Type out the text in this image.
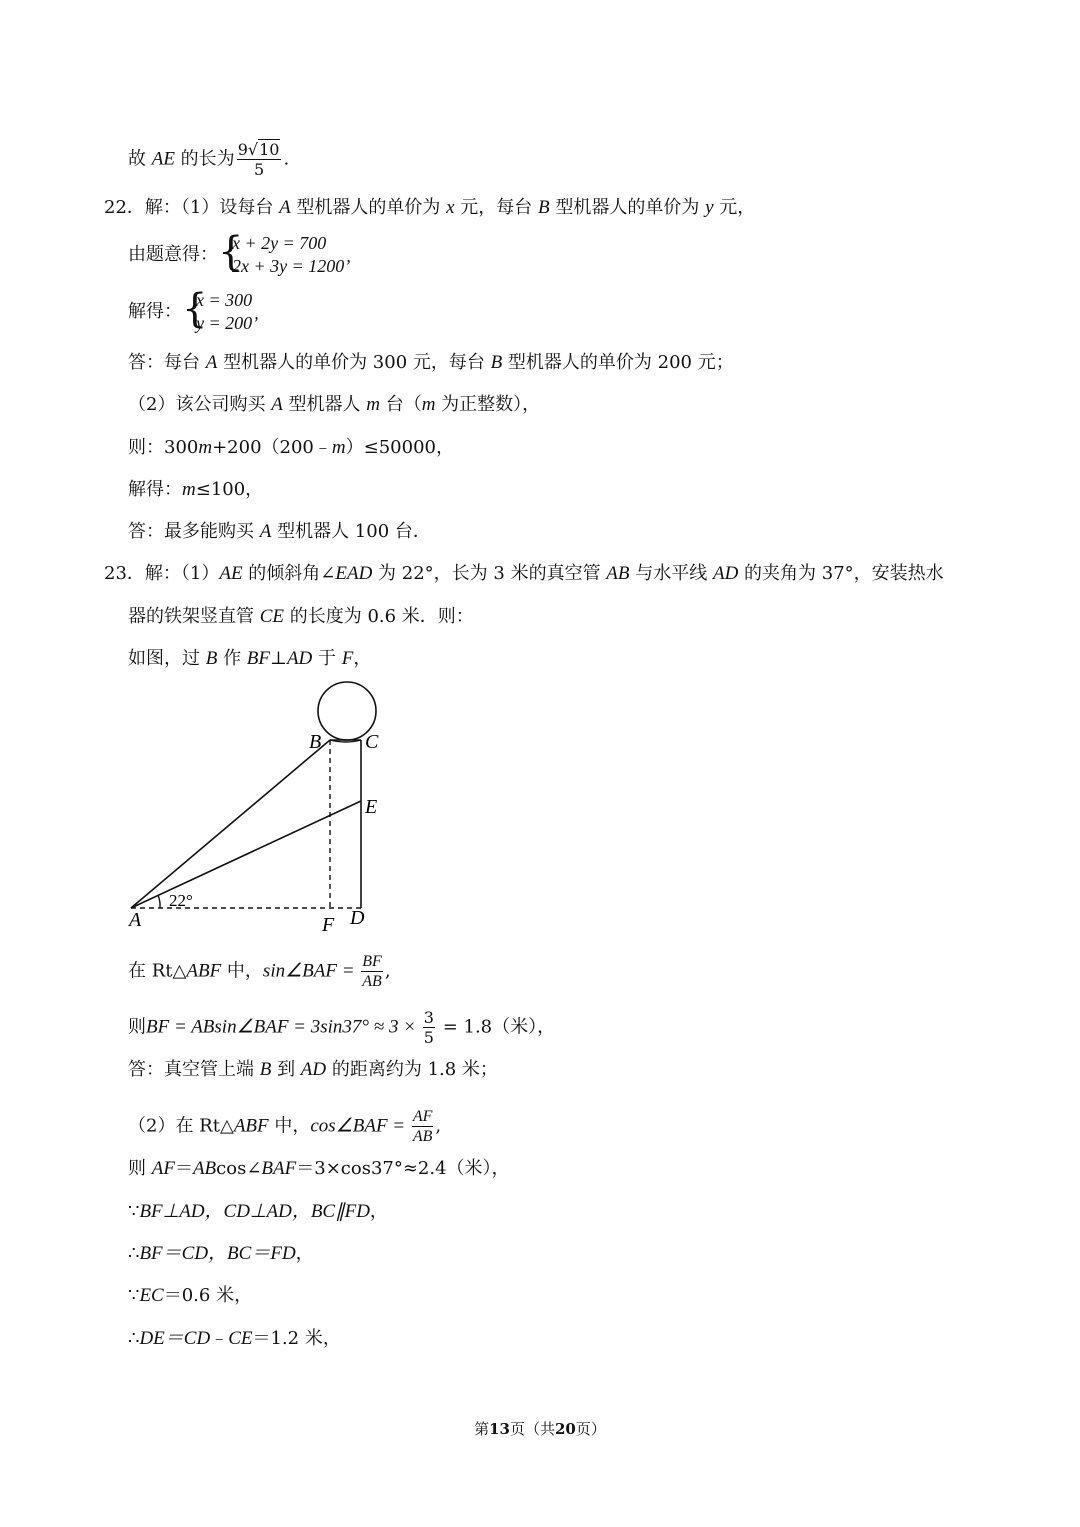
故 AE 的长为 $\frac{9√10}{5}$ .
22．解：（1）设每台 A 型机器人的单价为 x 元，每台 B 型机器人的单价为 y 元，
由题意得： {
x + 2y = 700
2x + 3y = 1200’
解得： {
x = 300
y = 200’
答：每台 A 型机器人的单价为 300 元，每台 B 型机器人的单价为 200 元；
（2）该公司购买 A 型机器人 m 台（m 为正整数），
则：300m+200（200﹣m）≤50000，
解得：m≤100，
答：最多能购买 A 型机器人 100 台．
23．解：（1）AE 的倾斜角∠EAD 为 22°，长为 3 米的真空管 AB 与水平线 AD 的夹角为 37°，安装热水
器的铁架竖直管 CE 的长度为 0.6 米．则：
如图，过 B 作 BF⊥AD 于 F，
B C
E
A	F D
22°
在 Rt△ABF 中，sin∠BAF = $\frac{BF}{AB}$ ,
则BF = ABsin∠BAF = $3\sin 37^\circ \approx 3 \times \frac{3}{5} = 1.8$（米），
答：真空管上端 B 到 AD 的距离约为 1.8 米；
（2）在 Rt△ABF 中，cos∠BAF = $\frac{AF}{AB}$ ,
则 AF＝ABcos∠BAF＝3×cos37°≈2.4（米），
∵BF⊥AD，CD⊥AD，BC∥FD，
∴BF＝CD，BC＝FD，
∵EC＝0.6 米，
∴DE＝CD﹣CE＝1.2 米，
第13页（共20页）
